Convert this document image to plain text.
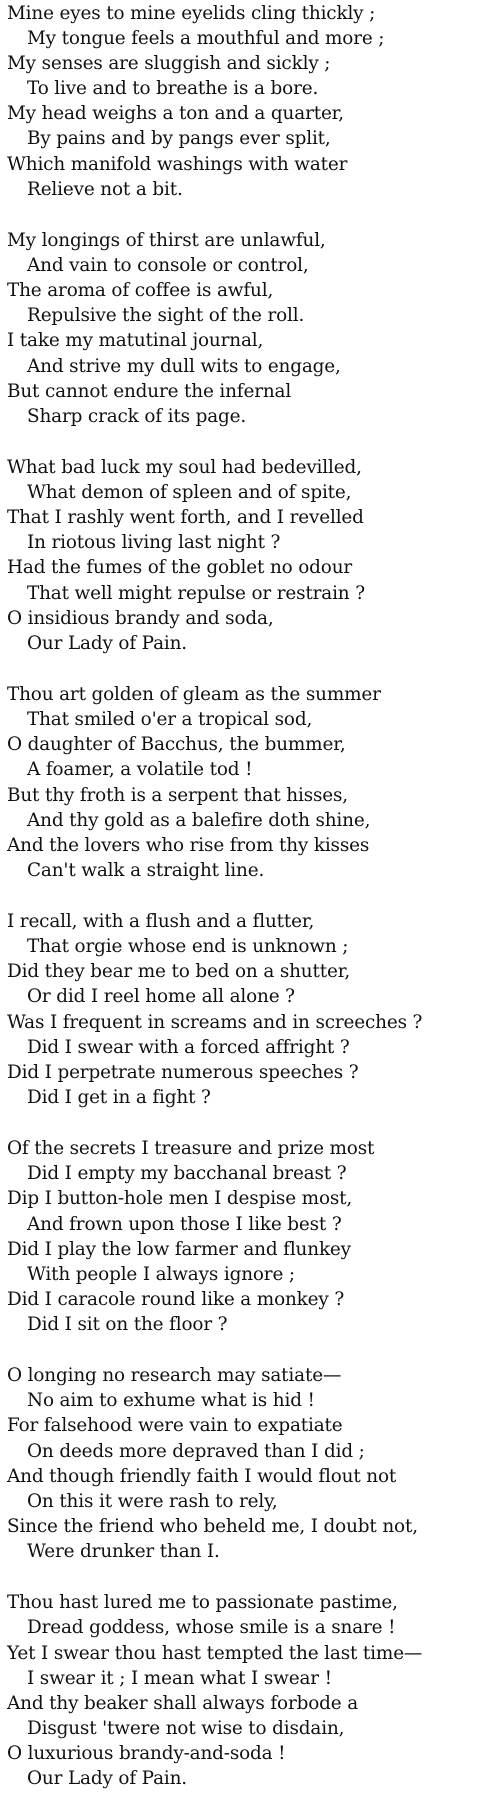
Mine eyes to mine eyelids cling thickly ;
My tongue feels a mouthful and more ;
My senses are sluggish and sickly ;
To live and to breathe is a bore.
My head weighs a ton and a quarter,
By pains and by pangs ever split,
Which manifold washings with water
Relieve not a bit.
My longings of thirst are unlawful,
And vain to console or control,
The aroma of coffee is awful,
Repulsive the sight of the roll.
I take my matutinal journal,
And strive my dull wits to engage,
But cannot endure the infernal
Sharp crack of its page.
What bad luck my soul had bedevilled,
What demon of spleen and of spite,
That I rashly went forth, and I revelled
In riotous living last night ?
Had the fumes of the goblet no odour
That well might repulse or restrain ?
O insidious brandy and soda,
Our Lady of Pain.
Thou art golden of gleam as the summer
That smiled o'er a tropical sod,
O daughter of Bacchus, the bummer,
A foamer, a volatile tod !
But thy froth is a serpent that hisses,
And thy gold as a balefire doth shine,
And the lovers who rise from thy kisses
Can't walk a straight line.
I recall, with a flush and a flutter,
That orgie whose end is unknown ;
Did they bear me to bed on a shutter,
Or did I reel home all alone ?
Was I frequent in screams and in screeches ?
Did I swear with a forced affright ?
Did I perpetrate numerous speeches ?
Did I get in a fight ?
Of the secrets I treasure and prize most
Did I empty my bacchanal breast ?
Dip I button-hole men I despise most,
And frown upon those I like best ?
Did I play the low farmer and flunkey
With people I always ignore ;
Did I caracole round like a monkey ?
Did I sit on the floor ?
O longing no research may satiate—
No aim to exhume what is hid !
For falsehood were vain to expatiate
On deeds more depraved than I did ;
And though friendly faith I would flout not
On this it were rash to rely,
Since the friend who beheld me, I doubt not,
Were drunker than I.
Thou hast lured me to passionate pastime,
Dread goddess, whose smile is a snare !
Yet I swear thou hast tempted the last time—
I swear it ; I mean what I swear !
And thy beaker shall always forbode a
Disgust 'twere not wise to disdain,
O luxurious brandy-and-soda !
Our Lady of Pain.
